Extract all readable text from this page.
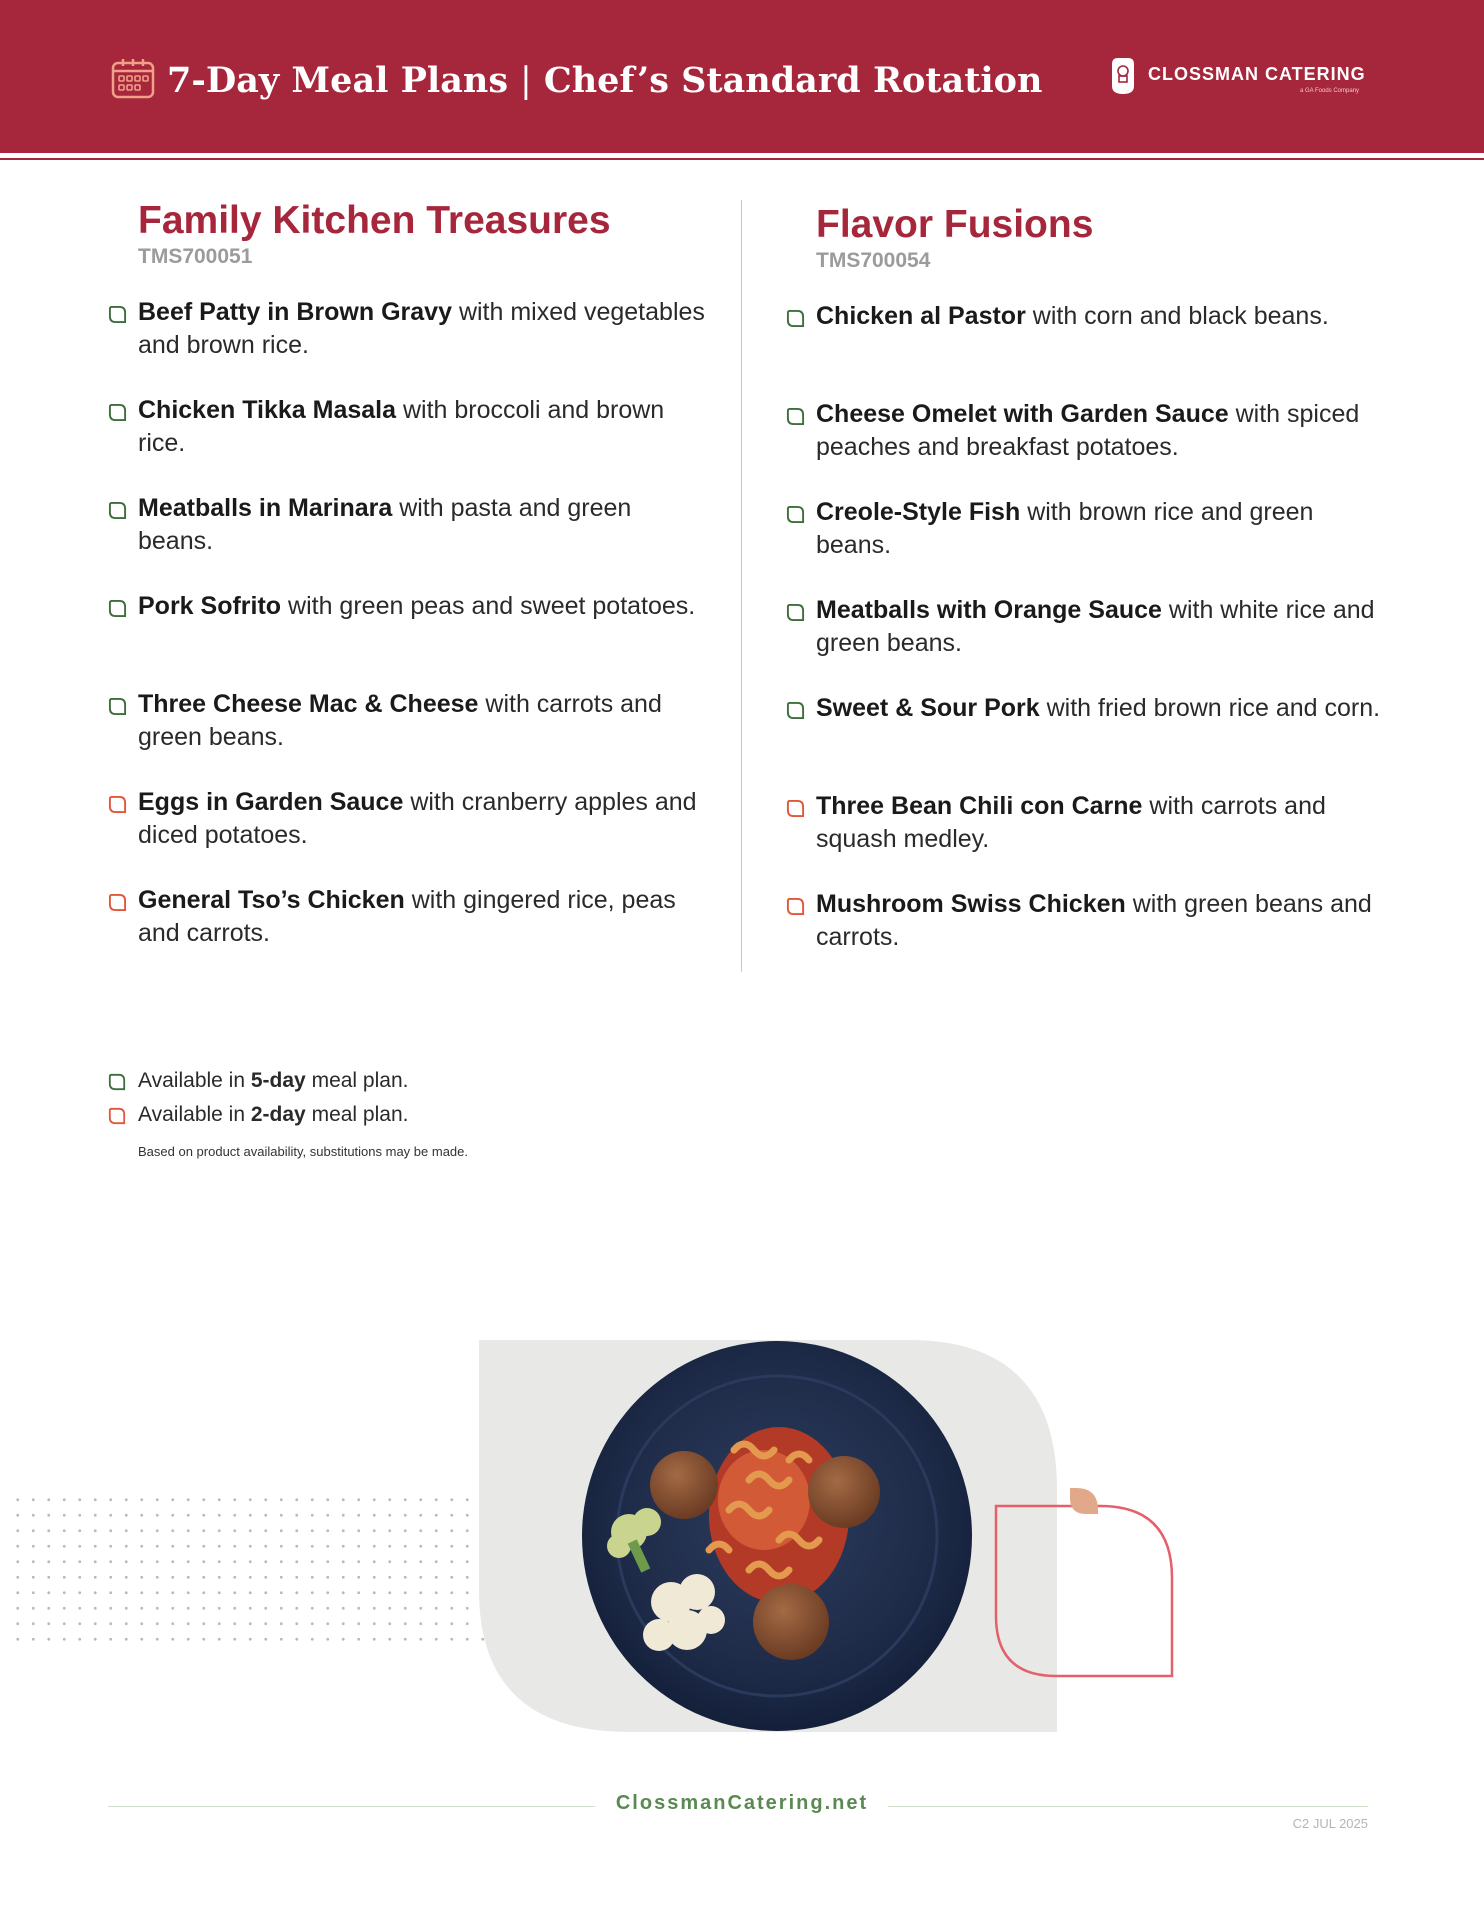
7-Day Meal Plans | Chef’s Standard Rotation	CLOSSMAN CATERING
a GA Foods Company
Family Kitchen Treasures
TMS700051
Beef Patty in Brown Gravy with mixed vegetables and brown rice.
Chicken Tikka Masala with broccoli and brown rice.
Meatballs in Marinara with pasta and green beans.
Pork Sofrito with green peas and sweet potatoes.
Three Cheese Mac & Cheese with carrots and green beans.
Eggs in Garden Sauce with cranberry apples and diced potatoes.
General Tso’s Chicken with gingered rice, peas and carrots.
Flavor Fusions
TMS700054
Chicken al Pastor with corn and black beans.
Cheese Omelet with Garden Sauce with spiced peaches and breakfast potatoes.
Creole-Style Fish with brown rice and green beans.
Meatballs with Orange Sauce with white rice and green beans.
Sweet & Sour Pork with fried brown rice and corn.
Three Bean Chili con Carne with carrots and squash medley.
Mushroom Swiss Chicken with green beans and carrots.
Available in 5-day meal plan.
Available in 2-day meal plan.
Based on product availability, substitutions may be made.
ClossmanCatering.net
C2 JUL 2025
